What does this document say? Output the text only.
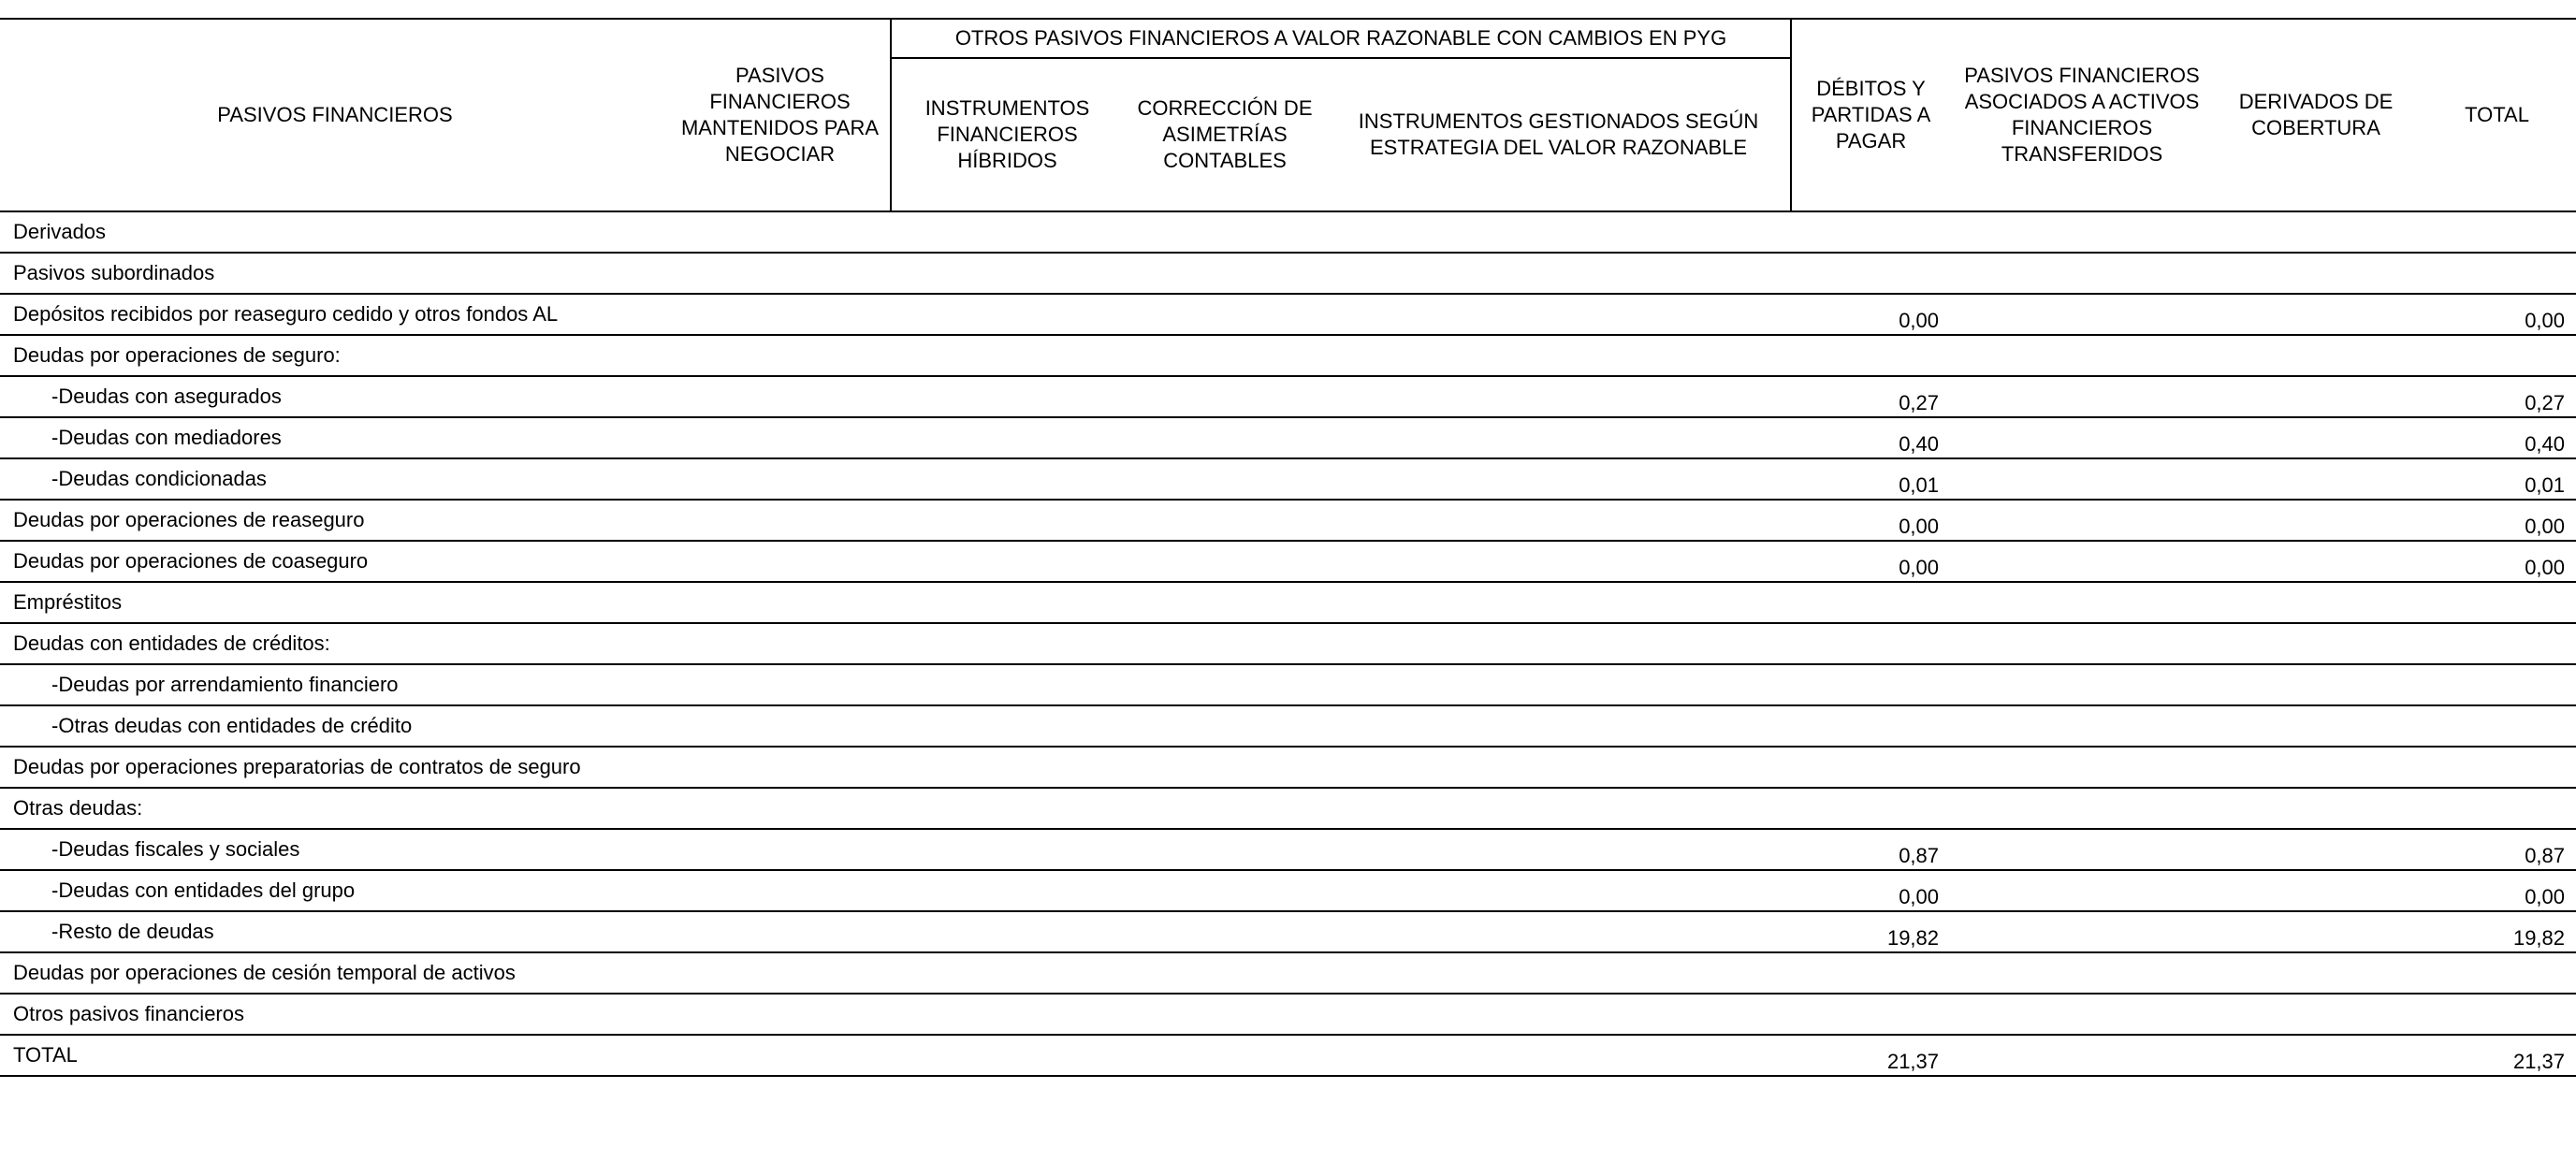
PASIVOS FINANCIEROS	PASIVOS FINANCIEROS MANTENIDOS PARA NEGOCIAR	OTROS PASIVOS FINANCIEROS A VALOR RAZONABLE CON CAMBIOS EN PYG			DÉBITOS Y PARTIDAS A PAGAR	PASIVOS FINANCIEROS ASOCIADOS A ACTIVOS FINANCIEROS TRANSFERIDOS	DERIVADOS DE COBERTURA	TOTAL
		INSTRUMENTOS FINANCIEROS HÍBRIDOS	CORRECCIÓN DE ASIMETRÍAS CONTABLES	INSTRUMENTOS GESTIONADOS SEGÚN ESTRATEGIA DEL VALOR RAZONABLE				
Derivados								
Pasivos subordinados								
Depósitos recibidos por reaseguro cedido y otros fondos AL					0,00			0,00
Deudas por operaciones de seguro:								
-Deudas con asegurados					0,27			0,27
-Deudas con mediadores					0,40			0,40
-Deudas condicionadas					0,01			0,01
Deudas por operaciones de reaseguro					0,00			0,00
Deudas por operaciones de coaseguro					0,00			0,00
Empréstitos								
Deudas con entidades de créditos:								
-Deudas por arrendamiento financiero								
-Otras deudas con entidades de crédito								
Deudas por operaciones preparatorias de contratos de seguro								
Otras deudas:								
-Deudas fiscales y sociales					0,87			0,87
-Deudas con entidades del grupo					0,00			0,00
-Resto de deudas					19,82			19,82
Deudas por operaciones de cesión temporal de activos								
Otros pasivos financieros								
TOTAL					21,37			21,37
